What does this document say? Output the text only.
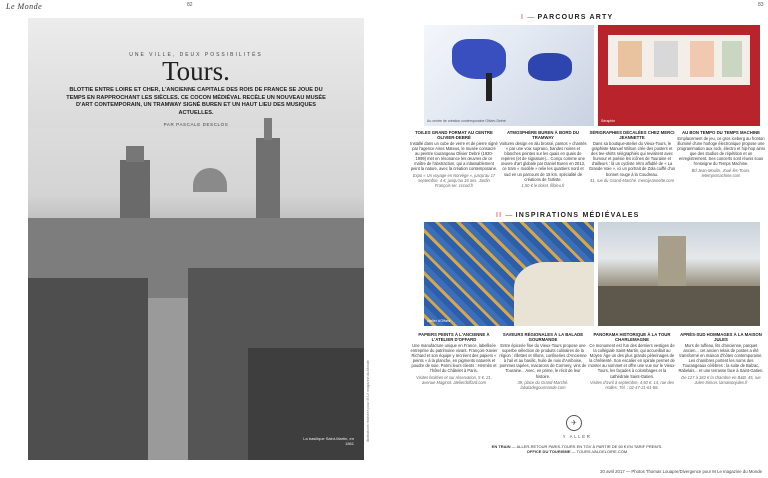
Le Monde	82
UNE VILLE, DEUX POSSIBILITÉS
Tours.
BLOTTIE ENTRE LOIRE ET CHER, L'ANCIENNE CAPITALE DES ROIS DE FRANCE SE JOUE DU TEMPS EN RAPPROCHANT LES SIÈCLES. CE COCON MÉDIÉVAL RECÈLE UN NOUVEAU MUSÉE D'ART CONTEMPORAIN, UN TRAMWAY SIGNÉ BUREN ET UN HAUT LIEU DES MUSIQUES ACTUELLES.
PAR PASCALE DESCLOS
La basilique Saint-Martin, en 1861
Illustrations réalisées pour M Le magazine du Monde
83
I — PARCOURS ARTY
Au centre de création contemporaine Olivier-Debré	Séraphin
TOILES GRAND FORMAT AU CENTRE OLIVIER-DEBRÉ
Installé dans un cube de verre et de pierre signé par l'agence Aires Mateus, le musée consacré au peintre tourangeau Olivier Debré (1920-1999) met en résonance les œuvres de ce maître de l'abstraction, qui a inlassablement peint la nature, avec la création contemporaine.
Expo « Un voyage en Norvège », jusqu'au 17 septembre, 4 €, jusqu'au 18 ans. Jardin François-Ier. cccod.fr
ATMOSPHÈRE BUREN À BORD DU TRAMWAY
Voitures design en alu brossé, pantos « chantés » par une voix soprano, bandes noires et blanches peintes sur les quais en quais de repères (et de signature)... Conçu comme une œuvre d'art globale par Daniel Buren en 2013, ce tram « modèle » relie les quartiers nord et sud en un parcours de 15 km. spécialité de créations de l'artiste.
1,50 € le ticket. filbleu.fr
SÉRIGRAPHIES DÉCALÉES CHEZ MERCI JEANNETTE
Dans sa boutique-atelier du Vieux-Tours, le graphiste Manuel Wilson crée des posters et des tee-shirts sérigraphiés qui revisitent avec humour et poésie les icônes de Touraine et d'ailleurs : là un cycliste rétro affublé de « La Grande Voie », ici un portrait de Zola coiffé d'un bonnet rouge à la Coudreau.
41, rue du Grand-Marché. mercijeannette.com
AU BON TEMPO DU TEMPS MACHINE
Emplacement de jeu, ce gros iceberg au fronton illuminé d'une horloge électronique propose une programmation aux rock, électro et hip-hop ainsi que des studios de répétition et un enregistrement. Ses concerts sont réunis sous l'enseigne du Temps Machine.
Bd Jean-Moulin, Joué-lès-Tours. letempsmachine.com
II — INSPIRATIONS MÉDIÉVALES
Atelier d'Offard
PAPIERS PEINTS À L'ANCIENNE À L'ATELIER D'OFFARD
Une manufacture unique en France, labellisée entreprise du patrimoine vivant. François-Xavier Richard et son équipe y recréent des papiers « peints » à la planche, en pigments naturels et poudre de soie. Parmi leurs clients : Hermès et l'hôtel du Châtelet à Paris.
Visites limitées et sur réservation, 5 €. 21, avenue Maginot. atelierdoffard.com
SAVEURS RÉGIONALES À LA BALADE GOURMANDE
Entre épicerie fine du Vieux-Tours propose une superbe sélection de produits culinaires de la région : rillettes et rillons, confiseries d'Ancienne à l'ail et au basilic, huile de noix d'Amboise, pommes tapées, macarons de Cormery, vins de Touraine... Avec, en prime, le récit de leur histoire.
39, place du Grand-Marché. labaladegourmande.com
PANORAMA HISTORIQUE À LA TOUR CHARLEMAGNE
Ce monument est l'un des derniers vestiges de la collégiale Saint-Martin, qui accueillait au Moyen Âge un des plus grands pèlerinages de la chrétienté. Son escalier en spirale permet de monter au sommet et offre une vue sur le Vieux-Tours, les façades à colombages et la cathédrale Saint-Gatien.
Visites d'avril à septembre, 4,50 €. 14, rue des Halles. Tél. : 02-47-21-61-88.
APRÈS-SUD HOMMAGES À LA MAISON JULES
Murs de tuffeau, lits d'ancienne, parquet ancien... cet ancien relais de postes a été transformé en maison d'hôtes contemporaine. Les chambres portent les noms des Tourangeaux célèbres : la suite de Balzac, Rabelais... et une terrasse face à Saint-Gatien.
De 127 à 182 € la chambre en B&B. 45, rue Jules-Simon. lamaisonjules.fr
✈
Y ALLER
EN TRAIN — ALLER-RETOUR PARIS-TOURS EN TGV À PARTIR DE 50 € EN TARIF PREM'S.
OFFICE DU TOURISME — TOURS-VALDELOIRE.COM
20 avril 2017 — Photos Thomas Louapre/Divergence pour M Le magazine du Monde
